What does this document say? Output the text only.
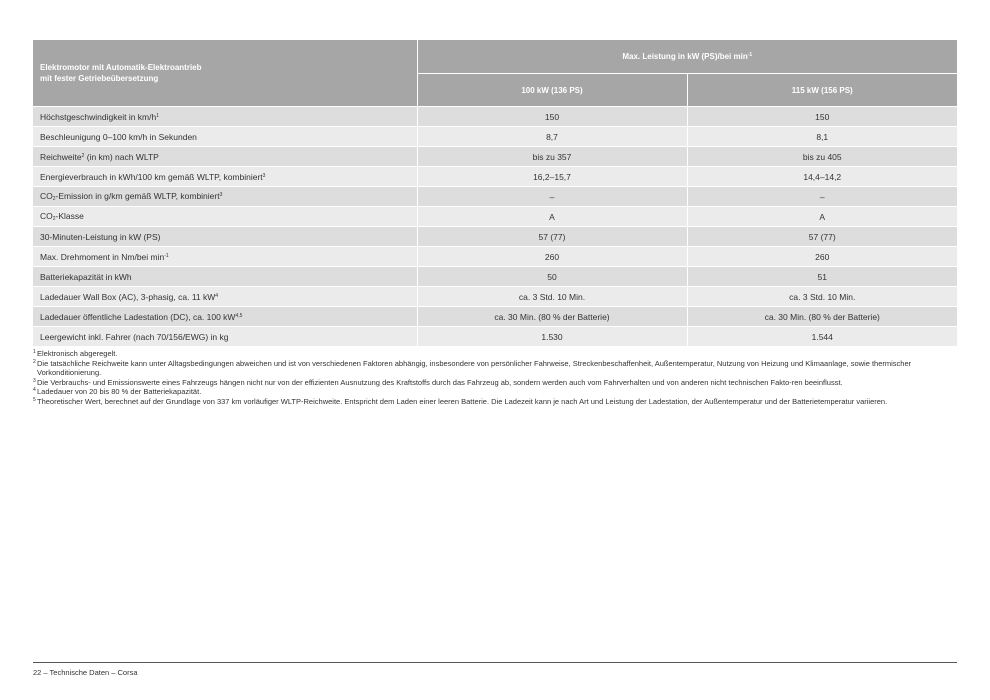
Elektromotor mit Automatik-Elektroantrieb
mit fester Getriebeübersetzung	Max. Leistung in kW (PS)/bei $\min^{-1}$
	100 kW (136 PS)	115 kW (156 PS)
Höchstgeschwindigkeit in $km/h^1$	150	150
Beschleunigung 0–100 km/h in Sekunden	8,7	8,1
Reichweite$^2$ (in km) nach WLTP	bis zu 357	bis zu 405
Energieverbrauch in kWh/100 km gemäß WLTP, kombiniert$^3$	16,2–15,7	14,4–14,2
$CO_2$-Emission in g/km gemäß WLTP, kombiniert$^3$	–	–
$CO_2$-Klasse	A	A
30-Minuten-Leistung in kW (PS)	57 (77)	57 (77)
Max. Drehmoment in Nm/bei $\min^{-1}$	260	260
Batteriekapazität in kWh	50	51
Ladedauer Wall Box (AC), 3-phasig, ca. 11 $kW^4$	ca. 3 Std. 10 Min.	ca. 3 Std. 10 Min.
Ladedauer öffentliche Ladestation (DC), ca. 100 kW$^{4,5}$	ca. 30 Min. (80 % der Batterie)	ca. 30 Min. (80 % der Batterie)
Leergewicht inkl. Fahrer (nach 70/156/EWG) in kg	1.530	1.544
1 Elektronisch abgeregelt.
2 Die tatsächliche Reichweite kann unter Alltagsbedingungen abweichen und ist von verschiedenen Faktoren abhängig, insbesondere von persönlicher Fahrweise, Streckenbeschaffenheit, Außentemperatur, Nutzung von Heizung und Klimaanlage, sowie thermischer Vorkonditionierung.
3 Die Verbrauchs- und Emissionswerte eines Fahrzeugs hängen nicht nur von der effizienten Ausnutzung des Kraftstoffs durch das Fahrzeug ab, sondern werden auch vom Fahrverhalten und von anderen nicht technischen Fakto-ren beeinflusst.
4 Ladedauer von 20 bis 80 % der Batteriekapazität.
5 Theoretischer Wert, berechnet auf der Grundlage von 337 km vorläufiger WLTP-Reichweite. Entspricht dem Laden einer leeren Batterie. Die Ladezeit kann je nach Art und Leistung der Ladestation, der Außentemperatur und der Batterietemperatur variieren.
22 – Technische Daten – Corsa
